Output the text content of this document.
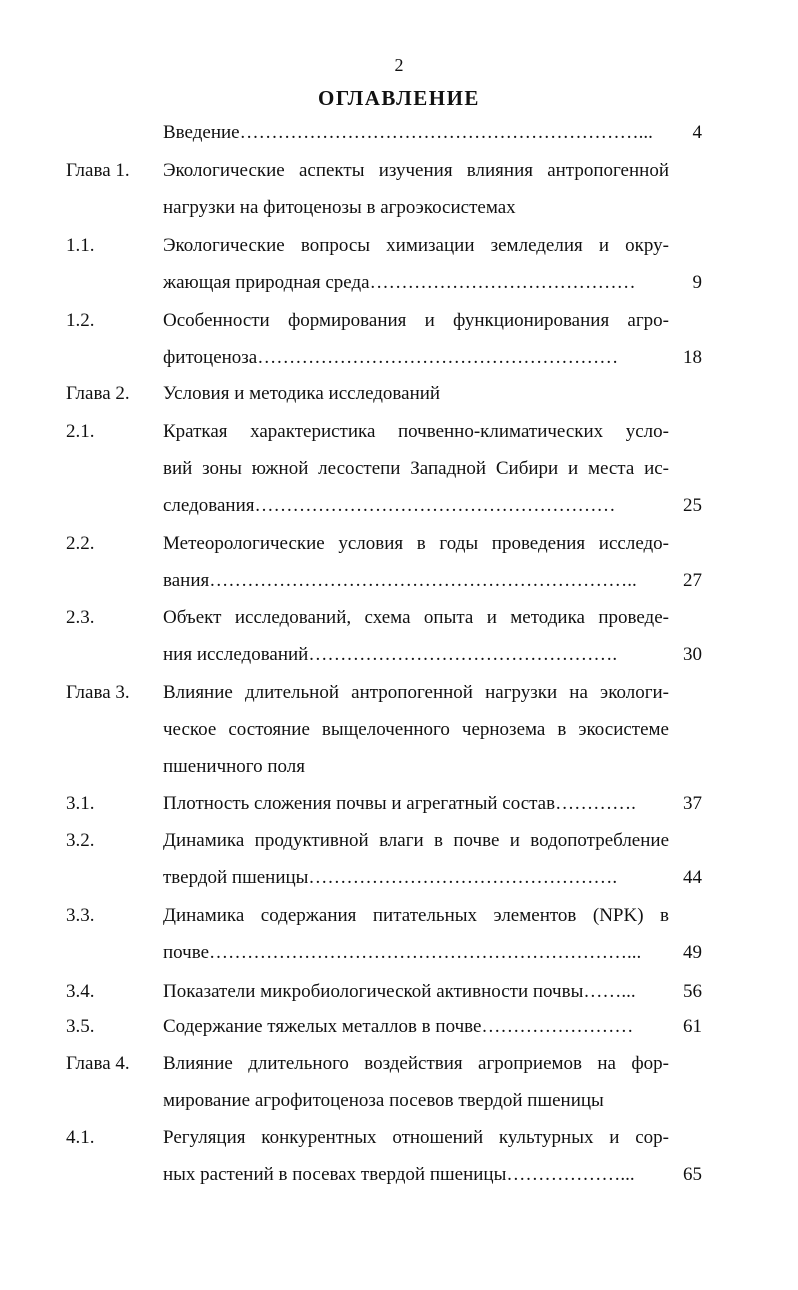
2
ОГЛАВЛЕНИЕ
Введение………………………………………………………... 4
Глава 1. Экологические аспекты изучения влияния антропогенной
нагрузки на фитоценозы в агроэкосистемах
1.1.	Экологические вопросы химизации земледелия и окру-
жающая природная среда……………………………………	9
1.2.	Особенности формирования и функционирования агро-
фитоценоза…………………………………………………	18
Глава 2. Условия и методика исследований
2.1.	Краткая характеристика почвенно-климатических усло-
вий зоны южной лесостепи Западной Сибири и места ис-
следования…………………………………………………	25
2.2.	Метеорологические условия в годы проведения исследо-
вания………………………………………………………….. 27
2.3.	Объект исследований, схема опыта и методика проведе-
ния исследований………………………………………….	30
Глава 3. Влияние длительной антропогенной нагрузки на экологи-
ческое состояние выщелоченного чернозема в экосистеме
пшеничного поля
3.1.	Плотность сложения почвы и агрегатный состав…………. 37
3.2.	Динамика продуктивной влаги в почве и водопотребление
твердой пшеницы………………………………………….	44
3.3.	Динамика содержания питательных элементов (NPK) в
почве…………………………………………………………... 49
3.4.	Показатели микробиологической активности почвы……... 56
3.5.	Содержание тяжелых металлов в почве……………………	61
Глава 4. Влияние длительного воздействия агроприемов на фор-
мирование агрофитоценоза посевов твердой пшеницы
4.1.	Регуляция конкурентных отношений культурных и сор-
ных растений в посевах твердой пшеницы………………...	65
